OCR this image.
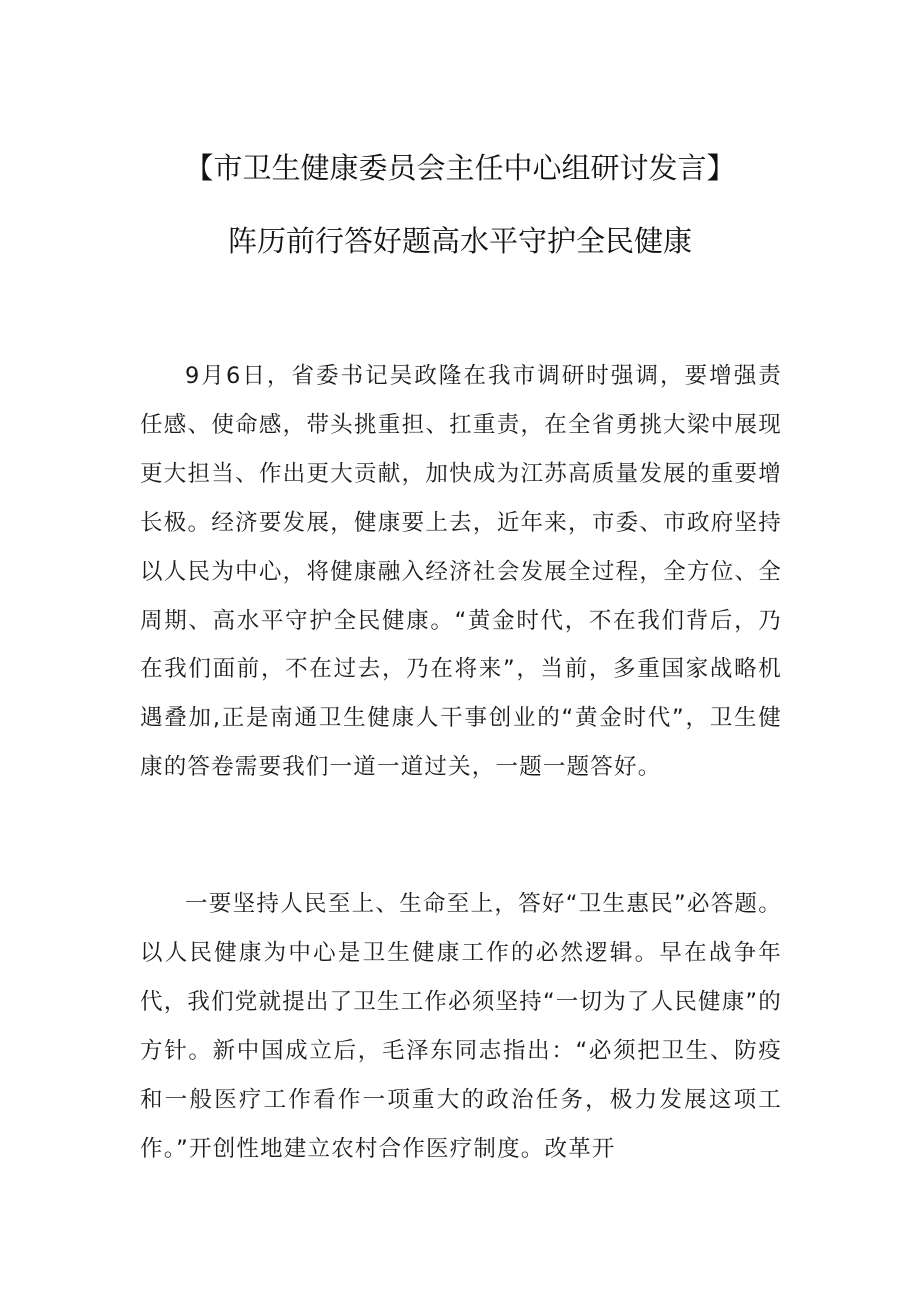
【市卫生健康委员会主任中心组研讨发言】
阵历前行答好题高水平守护全民健康

9月6日，省委书记吴政隆在我市调研时强调，要增强责任感、使命感，带头挑重担、扛重责，在全省勇挑大梁中展现更大担当、作出更大贡献，加快成为江苏高质量发展的重要增长极。经济要发展，健康要上去，近年来，市委、市政府坚持以人民为中心，将健康融入经济社会发展全过程，全方位、全周期、高水平守护全民健康。“黄金时代，不在我们背后，乃在我们面前，不在过去，乃在将来”，当前，多重国家战略机遇叠加,正是南通卫生健康人干事创业的“黄金时代”，卫生健康的答卷需要我们一道一道过关，一题一题答好。

一要坚持人民至上、生命至上，答好“卫生惠民”必答题。以人民健康为中心是卫生健康工作的必然逻辑。早在战争年代，我们党就提出了卫生工作必须坚持“一切为了人民健康”的方针。新中国成立后，毛泽东同志指出：“必须把卫生、防疫和一般医疗工作看作一项重大的政治任务，极力发展这项工作。”开创性地建立农村合作医疗制度。改革开
